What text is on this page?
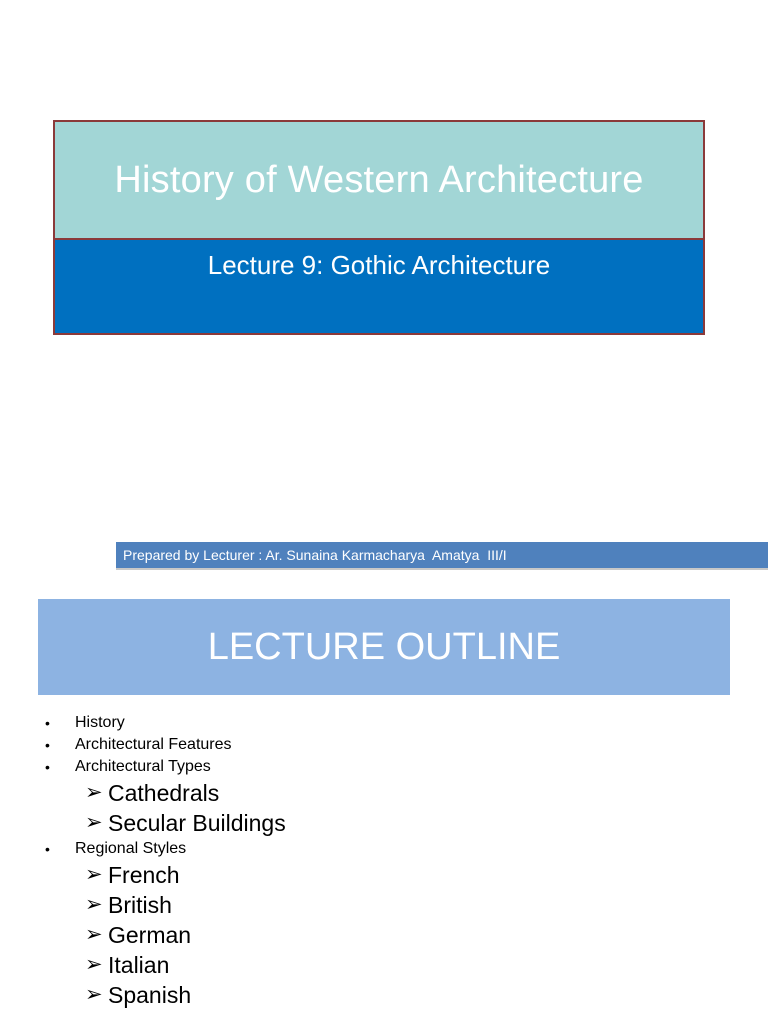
History of Western Architecture
Lecture 9: Gothic Architecture
Prepared by Lecturer : Ar. Sunaina Karmacharya  Amatya  III/I
LECTURE OUTLINE
• History
• Architectural Features
• Architectural Types
➢ Cathedrals
➢ Secular Buildings
• Regional Styles
➢ French
➢ British
➢ German
➢ Italian
➢ Spanish
